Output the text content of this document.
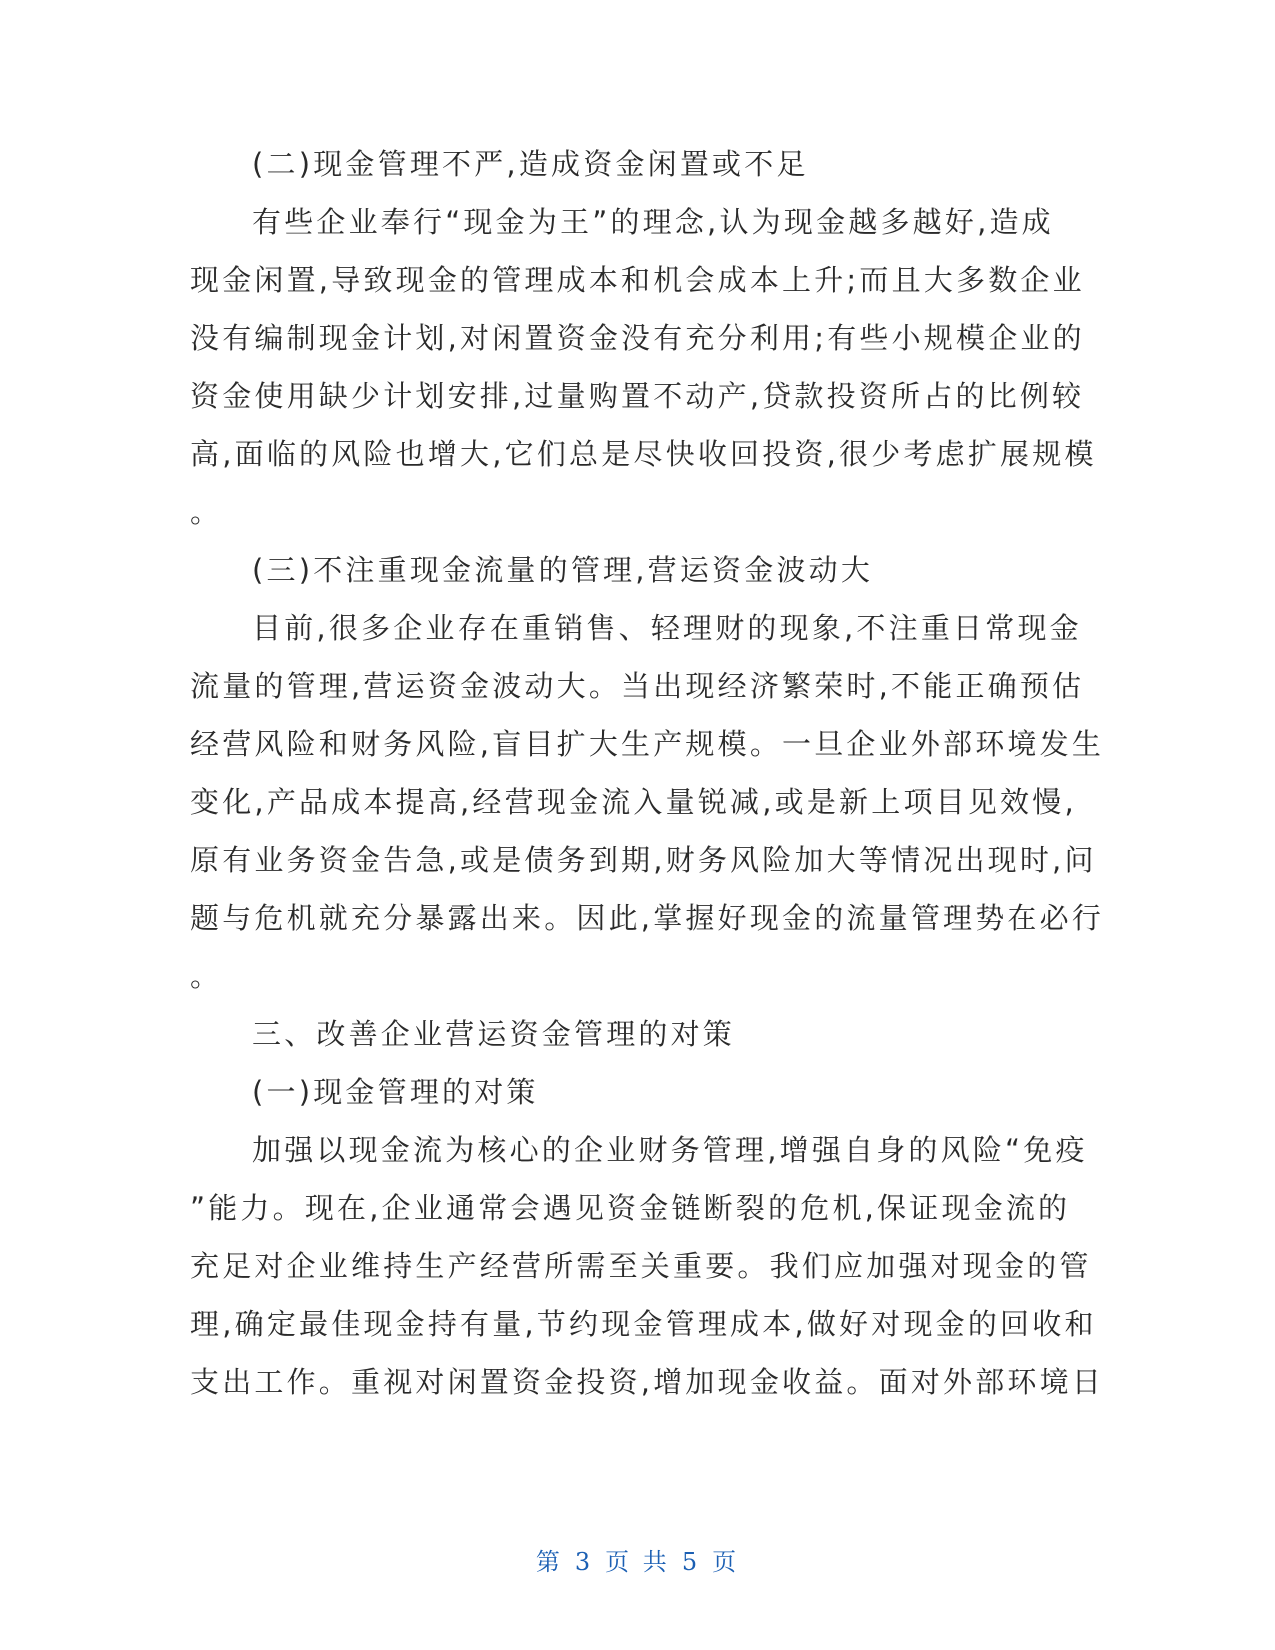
(二)现金管理不严,造成资金闲置或不足
有些企业奉行“现金为王”的理念,认为现金越多越好,造成
现金闲置,导致现金的管理成本和机会成本上升;而且大多数企业
没有编制现金计划,对闲置资金没有充分利用;有些小规模企业的
资金使用缺少计划安排,过量购置不动产,贷款投资所占的比例较
高,面临的风险也增大,它们总是尽快收回投资,很少考虑扩展规模
。
(三)不注重现金流量的管理,营运资金波动大
目前,很多企业存在重销售、轻理财的现象,不注重日常现金
流量的管理,营运资金波动大。当出现经济繁荣时,不能正确预估
经营风险和财务风险,盲目扩大生产规模。一旦企业外部环境发生
变化,产品成本提高,经营现金流入量锐减,或是新上项目见效慢,
原有业务资金告急,或是债务到期,财务风险加大等情况出现时,问
题与危机就充分暴露出来。因此,掌握好现金的流量管理势在必行
。
三、改善企业营运资金管理的对策
(一)现金管理的对策
加强以现金流为核心的企业财务管理,增强自身的风险“免疫
”能力。现在,企业通常会遇见资金链断裂的危机,保证现金流的
充足对企业维持生产经营所需至关重要。我们应加强对现金的管
理,确定最佳现金持有量,节约现金管理成本,做好对现金的回收和
支出工作。重视对闲置资金投资,增加现金收益。面对外部环境日
第 3 页 共 5 页
